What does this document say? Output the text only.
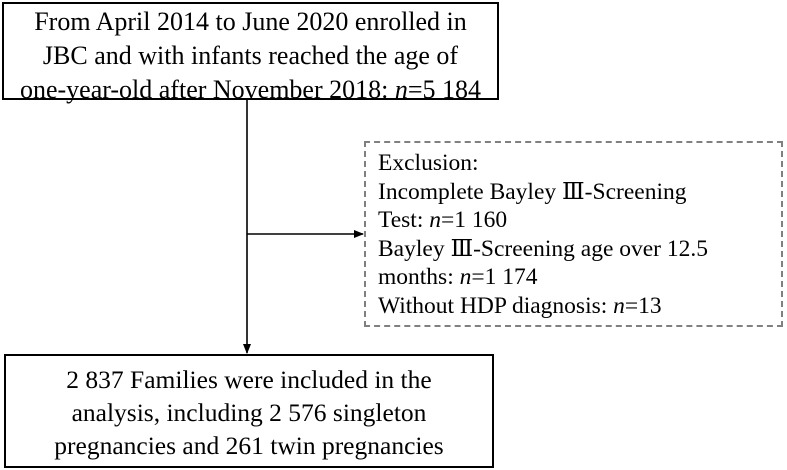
From April 2014 to June 2020 enrolled in
JBC and with infants reached the age of
one-year-old after November 2018: n=5 184
Exclusion:
Incomplete Bayley Ⅲ-Screening
Test: n=1 160
Bayley Ⅲ-Screening age over 12.5
months: n=1 174
Without HDP diagnosis: n=13
2 837 Families were included in the
analysis, including 2 576 singleton
pregnancies and 261 twin pregnancies
